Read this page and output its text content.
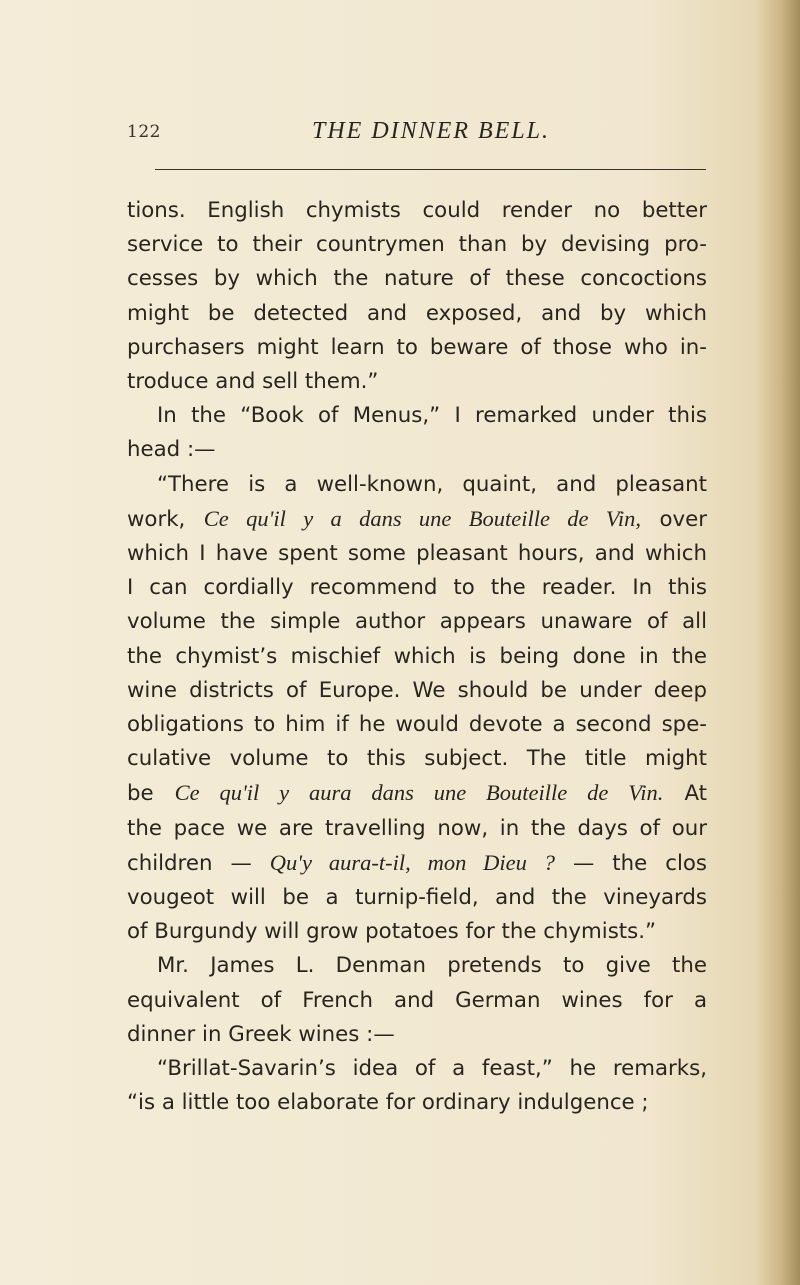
122	THE DINNER BELL.
tions. English chymists could render no better
service to their countrymen than by devising pro-
cesses by which the nature of these concoctions
might be detected and exposed, and by which
purchasers might learn to beware of those who in-
troduce and sell them.”
In the “Book of Menus,” I remarked under this
head :—
“There is a well-known, quaint, and pleasant
work, Ce qu'il y a dans une Bouteille de Vin, over
which I have spent some pleasant hours, and which
I can cordially recommend to the reader. In this
volume the simple author appears unaware of all
the chymist’s mischief which is being done in the
wine districts of Europe. We should be under deep
obligations to him if he would devote a second spe-
culative volume to this subject. The title might
be Ce qu'il y aura dans une Bouteille de Vin. At
the pace we are travelling now, in the days of our
children — Qu'y aura-t-il, mon Dieu ? — the clos
vougeot will be a turnip-field, and the vineyards
of Burgundy will grow potatoes for the chymists.”
Mr. James L. Denman pretends to give the
equivalent of French and German wines for a
dinner in Greek wines :—
“Brillat-Savarin’s idea of a feast,” he remarks,
“is a little too elaborate for ordinary indulgence ;
